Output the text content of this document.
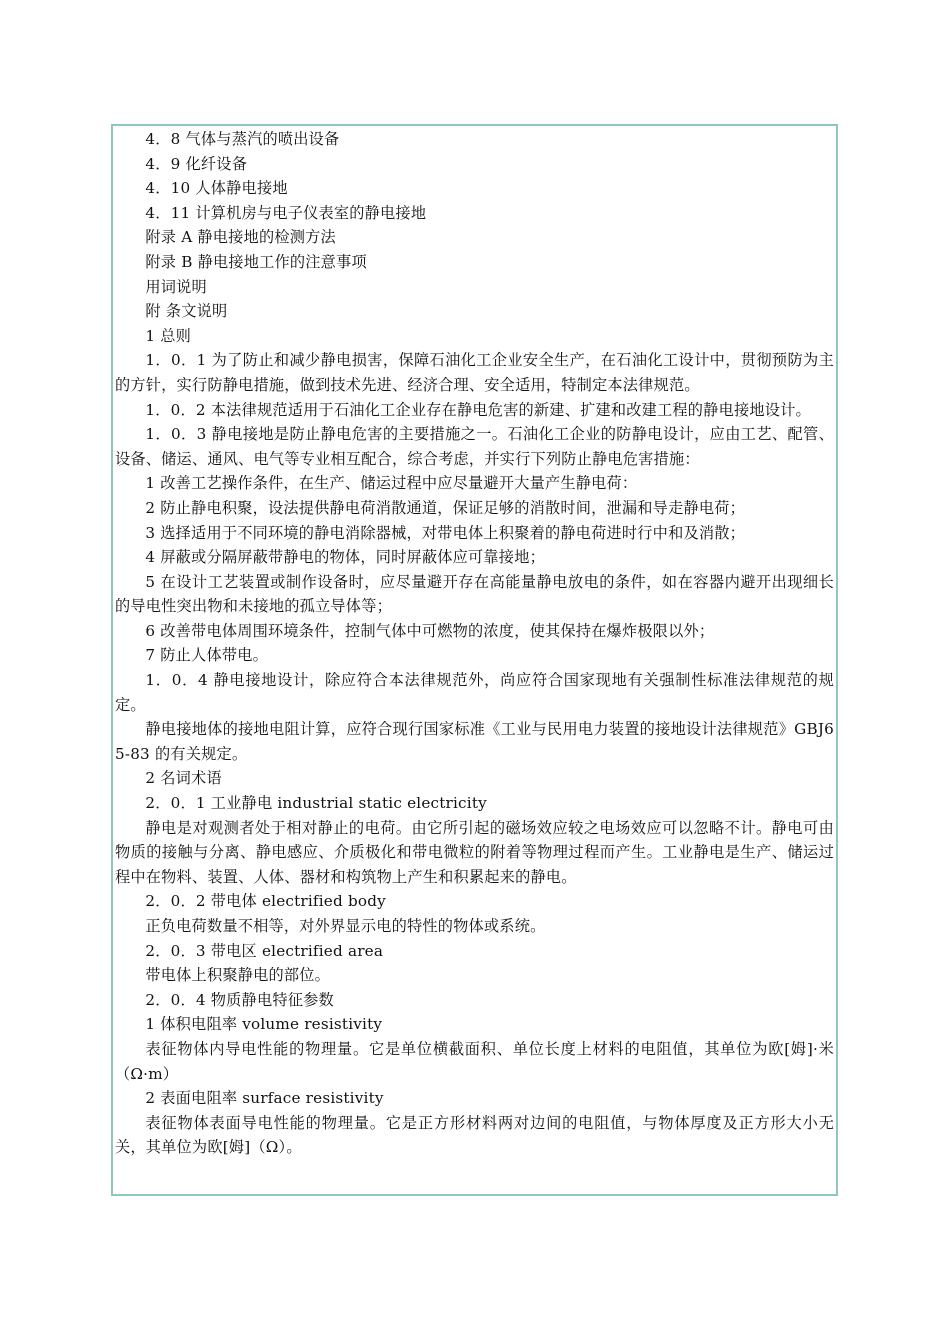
4．8 气体与蒸汽的喷出设备

4．9 化纤设备

4．10 人体静电接地

4．11 计算机房与电子仪表室的静电接地

附录 A 静电接地的检测方法

附录 B 静电接地工作的注意事项

用词说明

附 条文说明

1 总则

1．0．1 为了防止和减少静电损害，保障石油化工企业安全生产，在石油化工设计中，贯彻预防为主的方针，实行防静电措施，做到技术先进、经济合理、安全适用，特制定本法律规范。

1．0．2 本法律规范适用于石油化工企业存在静电危害的新建、扩建和改建工程的静电接地设计。

1．0．3 静电接地是防止静电危害的主要措施之一。石油化工企业的防静电设计，应由工艺、配管、设备、储运、通风、电气等专业相互配合，综合考虑，并实行下列防止静电危害措施：

1 改善工艺操作条件，在生产、储运过程中应尽量避开大量产生静电荷：

2 防止静电积聚，设法提供静电荷消散通道，保证足够的消散时间，泄漏和导走静电荷；

3 选择适用于不同环境的静电消除器械，对带电体上积聚着的静电荷进时行中和及消散；

4 屏蔽或分隔屏蔽带静电的物体，同时屏蔽体应可靠接地；

5 在设计工艺装置或制作设备时，应尽量避开存在高能量静电放电的条件，如在容器内避开出现细长的导电性突出物和未接地的孤立导体等；

6 改善带电体周围环境条件，控制气体中可燃物的浓度，使其保持在爆炸极限以外；

7 防止人体带电。

1．0．4 静电接地设计，除应符合本法律规范外，尚应符合国家现地有关强制性标准法律规范的规定。

静电接地体的接地电阻计算，应符合现行国家标准《工业与民用电力装置的接地设计法律规范》GBJ65-83 的有关规定。

2 名词术语

2．0．1 工业静电 industrial static electricity

静电是对观测者处于相对静止的电荷。由它所引起的磁场效应较之电场效应可以忽略不计。静电可由物质的接触与分离、静电感应、介质极化和带电微粒的附着等物理过程而产生。工业静电是生产、储运过程中在物料、装置、人体、器材和构筑物上产生和积累起来的静电。

2．0．2 带电体 electrified body

正负电荷数量不相等，对外界显示电的特性的物体或系统。

2．0．3 带电区 electrified area

带电体上积聚静电的部位。

2．0．4 物质静电特征参数

1 体积电阻率 volume resistivity

表征物体内导电性能的物理量。它是单位横截面积、单位长度上材料的电阻值，其单位为欧[姆]·米（Ω·m）

2 表面电阻率 surface resistivity

表征物体表面导电性能的物理量。它是正方形材料两对边间的电阻值，与物体厚度及正方形大小无关，其单位为欧[姆]（Ω）。
